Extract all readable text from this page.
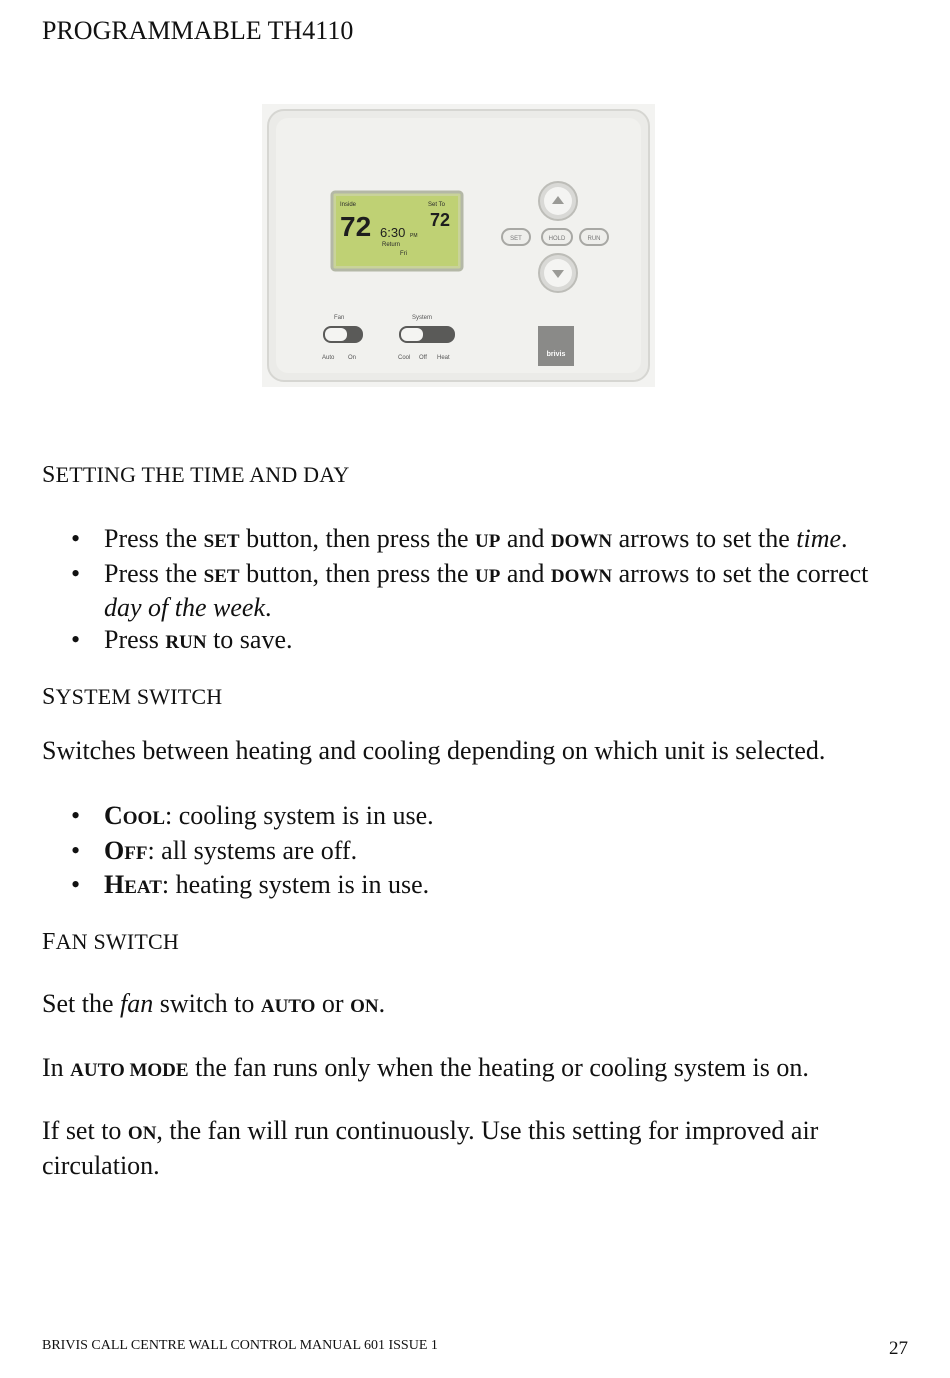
PROGRAMMABLE TH4110
Inside
72
Set To
72
6:30 PM
Return
Fri
SET	HOLD	RUN
Fan
Auto On
System
Cool Off Heat	brivis
SETTING THE TIME AND DAY
• Press the SET button, then press the UP and DOWN arrows to set the time.
• Press the SET button, then press the UP and DOWN arrows to set the correct day of the week.
• Press RUN to save.
SYSTEM SWITCH
Switches between heating and cooling depending on which unit is selected.
• COOL: cooling system is in use.
• OFF: all systems are off.
• HEAT: heating system is in use.
FAN SWITCH
Set the fan switch to AUTO or ON.
In AUTO MODE the fan runs only when the heating or cooling system is on.
If set to ON, the fan will run continuously. Use this setting for improved air circulation.
BRIVIS CALL CENTRE WALL CONTROL MANUAL 601 ISSUE 1	27
